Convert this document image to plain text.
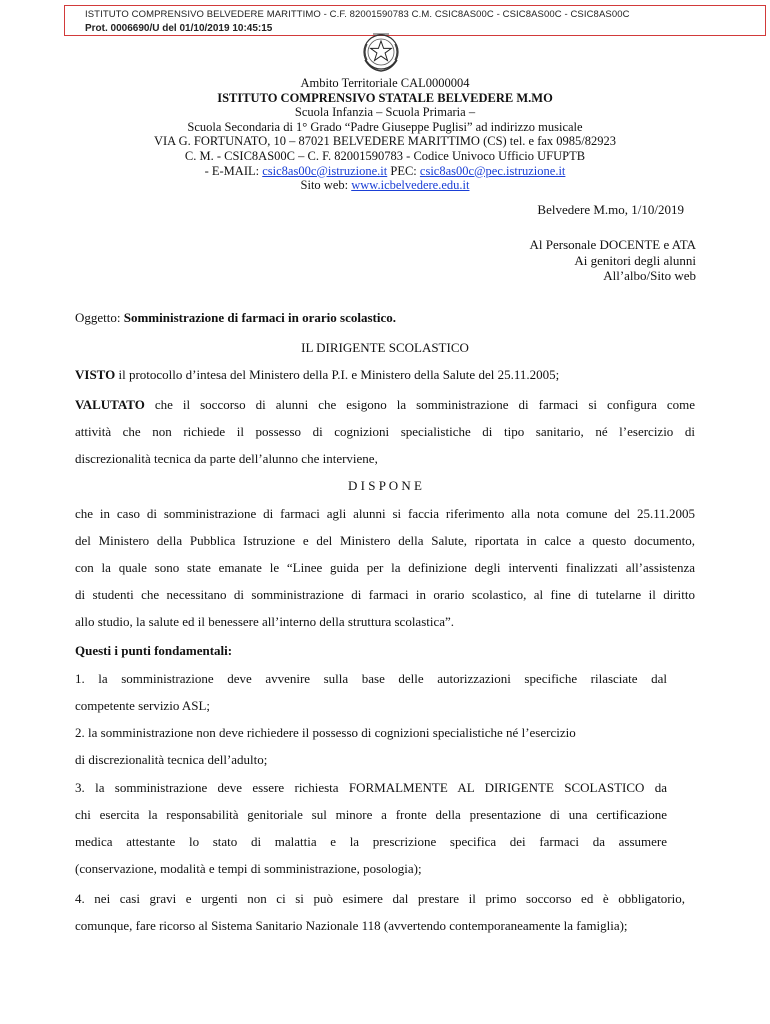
ISTITUTO COMPRENSIVO BELVEDERE MARITTIMO - C.F. 82001590783 C.M. CSIC8AS00C - CSIC8AS00C - CSIC8AS00C
Prot. 0006690/U del 01/10/2019 10:45:15
Ambito Territoriale CAL0000004
ISTITUTO COMPRENSIVO STATALE BELVEDERE M.MO
Scuola Infanzia – Scuola Primaria –
Scuola Secondaria di 1° Grado “Padre Giuseppe Puglisi” ad indirizzo musicale
VIA G. FORTUNATO, 10 – 87021 BELVEDERE MARITTIMO (CS) tel. e fax 0985/82923
C. M. - CSIC8AS00C – C. F. 82001590783 - Codice Univoco Ufficio UFUPTB
- E-MAIL: csic8as00c@istruzione.it PEC: csic8as00c@pec.istruzione.it
Sito web: www.icbelvedere.edu.it
Belvedere M.mo, 1/10/2019
Al Personale DOCENTE e ATA
Ai genitori degli alunni
All’albo/Sito web
Oggetto: Somministrazione di farmaci in orario scolastico.
IL DIRIGENTE SCOLASTICO
VISTO il protocollo d’intesa del Ministero della P.I. e Ministero della Salute del 25.11.2005;
VALUTATO che il soccorso di alunni che esigono la somministrazione di farmaci si configura come
attività che non richiede il possesso di cognizioni specialistiche di tipo sanitario, né l’esercizio di
discrezionalità tecnica da parte dell’alunno che interviene,
D I S P O N E
che in caso di somministrazione di farmaci agli alunni si faccia riferimento alla nota comune del 25.11.2005
del Ministero della Pubblica Istruzione e del Ministero della Salute, riportata in calce a questo documento,
con la quale sono state emanate le “Linee guida per la definizione degli interventi finalizzati all’assistenza
di studenti che necessitano di somministrazione di farmaci in orario scolastico, al fine di tutelarne il diritto
allo studio, la salute ed il benessere all’interno della struttura scolastica”.
Questi i punti fondamentali:
1. la somministrazione deve avvenire sulla base delle autorizzazioni specifiche rilasciate dal
competente servizio ASL;
2. la somministrazione non deve richiedere il possesso di cognizioni specialistiche né l’esercizio
di discrezionalità tecnica dell’adulto;
3. la somministrazione deve essere richiesta FORMALMENTE AL DIRIGENTE SCOLASTICO da
chi esercita la responsabilità genitoriale sul minore a fronte della presentazione di una certificazione
medica attestante lo stato di malattia e la prescrizione specifica dei farmaci da assumere
(conservazione, modalità e tempi di somministrazione, posologia);
4. nei casi gravi e urgenti non ci si può esimere dal prestare il primo soccorso ed è obbligatorio,
comunque, fare ricorso al Sistema Sanitario Nazionale 118 (avvertendo contemporaneamente la famiglia);
